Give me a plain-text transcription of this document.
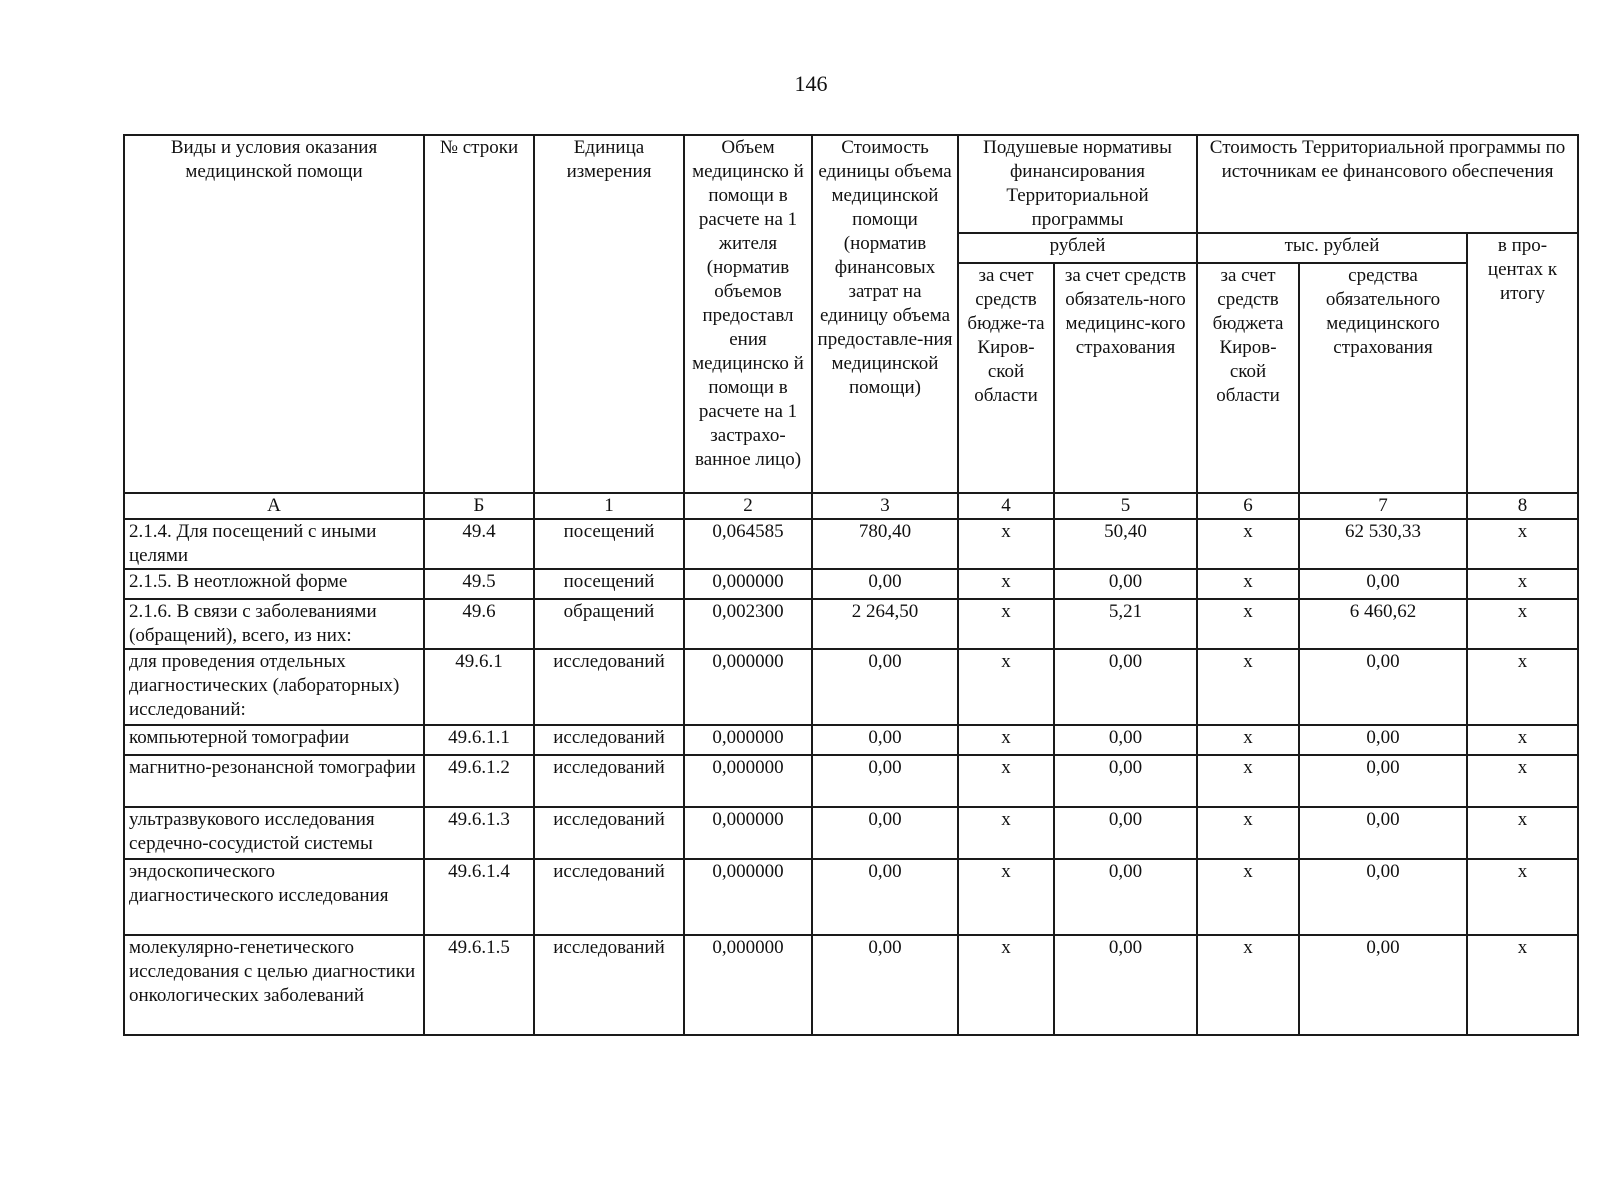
146
Виды и условия оказания медицинской помощи	№ строки	Единица измерения	Объем медицинско й помощи в расчете на 1 жителя (норматив объемов предоставл ения медицинско й помощи в расчете на 1 застрахо-ванное лицо)	Стоимость единицы объема медицинской помощи (норматив финансовых затрат на единицу объема предоставле-ния медицинской помощи)	Подушевые нормативы финансирования Территориальной программы		Стоимость Территориальной программы по источникам ее финансового обеспечения		
					рублей		тыс. рублей		в про-центах к итогу
					за счет средств бюдже-та Киров-ской области	за счет средств обязатель-ного медицинс-кого страхования	за счет средств бюджета Киров-ской области	средства обязательного медицинского страхования	
А	Б	1	2	3	4	5	6	7	8
2.1.4. Для посещений с иными целями	49.4	посещений	0,064585	780,40	х	50,40	х	62 530,33	х
2.1.5. В неотложной форме	49.5	посещений	0,000000	0,00	х	0,00	х	0,00	х
2.1.6. В связи с заболеваниями (обращений), всего, из них:	49.6	обращений	0,002300	2 264,50	х	5,21	х	6 460,62	х
для проведения отдельных диагностических (лабораторных) исследований:	49.6.1	исследований	0,000000	0,00	х	0,00	х	0,00	х
компьютерной томографии	49.6.1.1	исследований	0,000000	0,00	х	0,00	х	0,00	х
магнитно-резонансной томографии	49.6.1.2	исследований	0,000000	0,00	х	0,00	х	0,00	х
ультразвукового исследования сердечно-сосудистой системы	49.6.1.3	исследований	0,000000	0,00	х	0,00	х	0,00	х
эндоскопического диагностического исследования	49.6.1.4	исследований	0,000000	0,00	х	0,00	х	0,00	х
молекулярно-генетического исследования с целью диагностики онкологических заболеваний	49.6.1.5	исследований	0,000000	0,00	х	0,00	х	0,00	х
